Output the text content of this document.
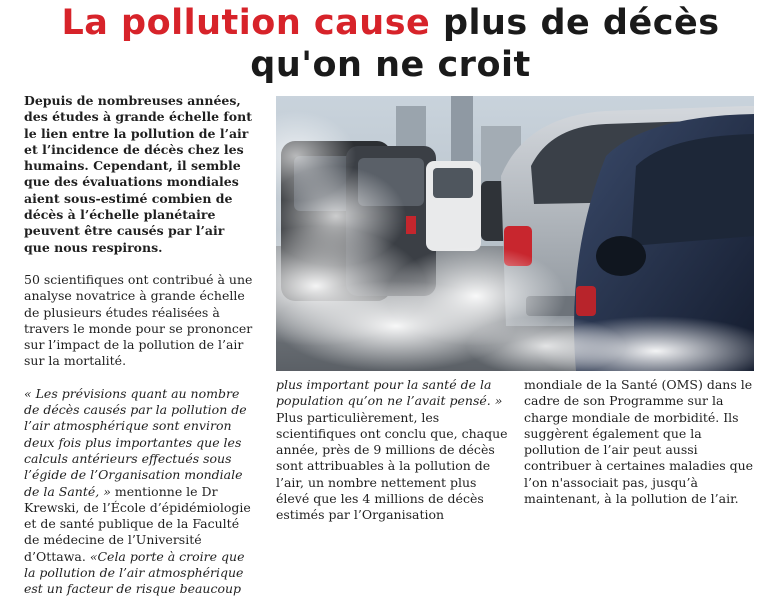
La pollution cause plus de décès
qu'on ne croit

Depuis de nombreuses années, des études à grande échelle font le lien entre la pollution de l’air et l’incidence de décès chez les humains. Cependant, il semble que des évaluations mondiales aient sous-estimé combien de décès à l’échelle planétaire peuvent être causés par l’air que nous respirons.

50 scientifiques ont contribué à une analyse novatrice à grande échelle de plusieurs études réalisées à travers le monde pour se prononcer sur l’impact de la pollution de l’air sur la mortalité.

« Les prévisions quant au nombre de décès causés par la pollution de l’air atmosphérique sont environ deux fois plus importantes que les calculs antérieurs effectués sous l’égide de l’Organisation mondiale de la Santé, » mentionne le Dr Krewski, de l’École d’épidémiologie et de santé publique de la Faculté de médecine de l’Université d’Ottawa. «Cela porte à croire que la pollution de l’air atmosphérique est un facteur de risque beaucoup

plus important pour la santé de la population qu’on ne l’avait pensé. »

Plus particulièrement, les scientifiques ont conclu que, chaque année, près de 9 millions de décès sont attribuables à la pollution de l’air, un nombre nettement plus élevé que les 4 millions de décès estimés par l’Organisation

mondiale de la Santé (OMS) dans le cadre de son Programme sur la charge mondiale de morbidité. Ils suggèrent également que la pollution de l’air peut aussi contribuer à certaines maladies que l’on n'associait pas, jusqu’à maintenant, à la pollution de l’air.
